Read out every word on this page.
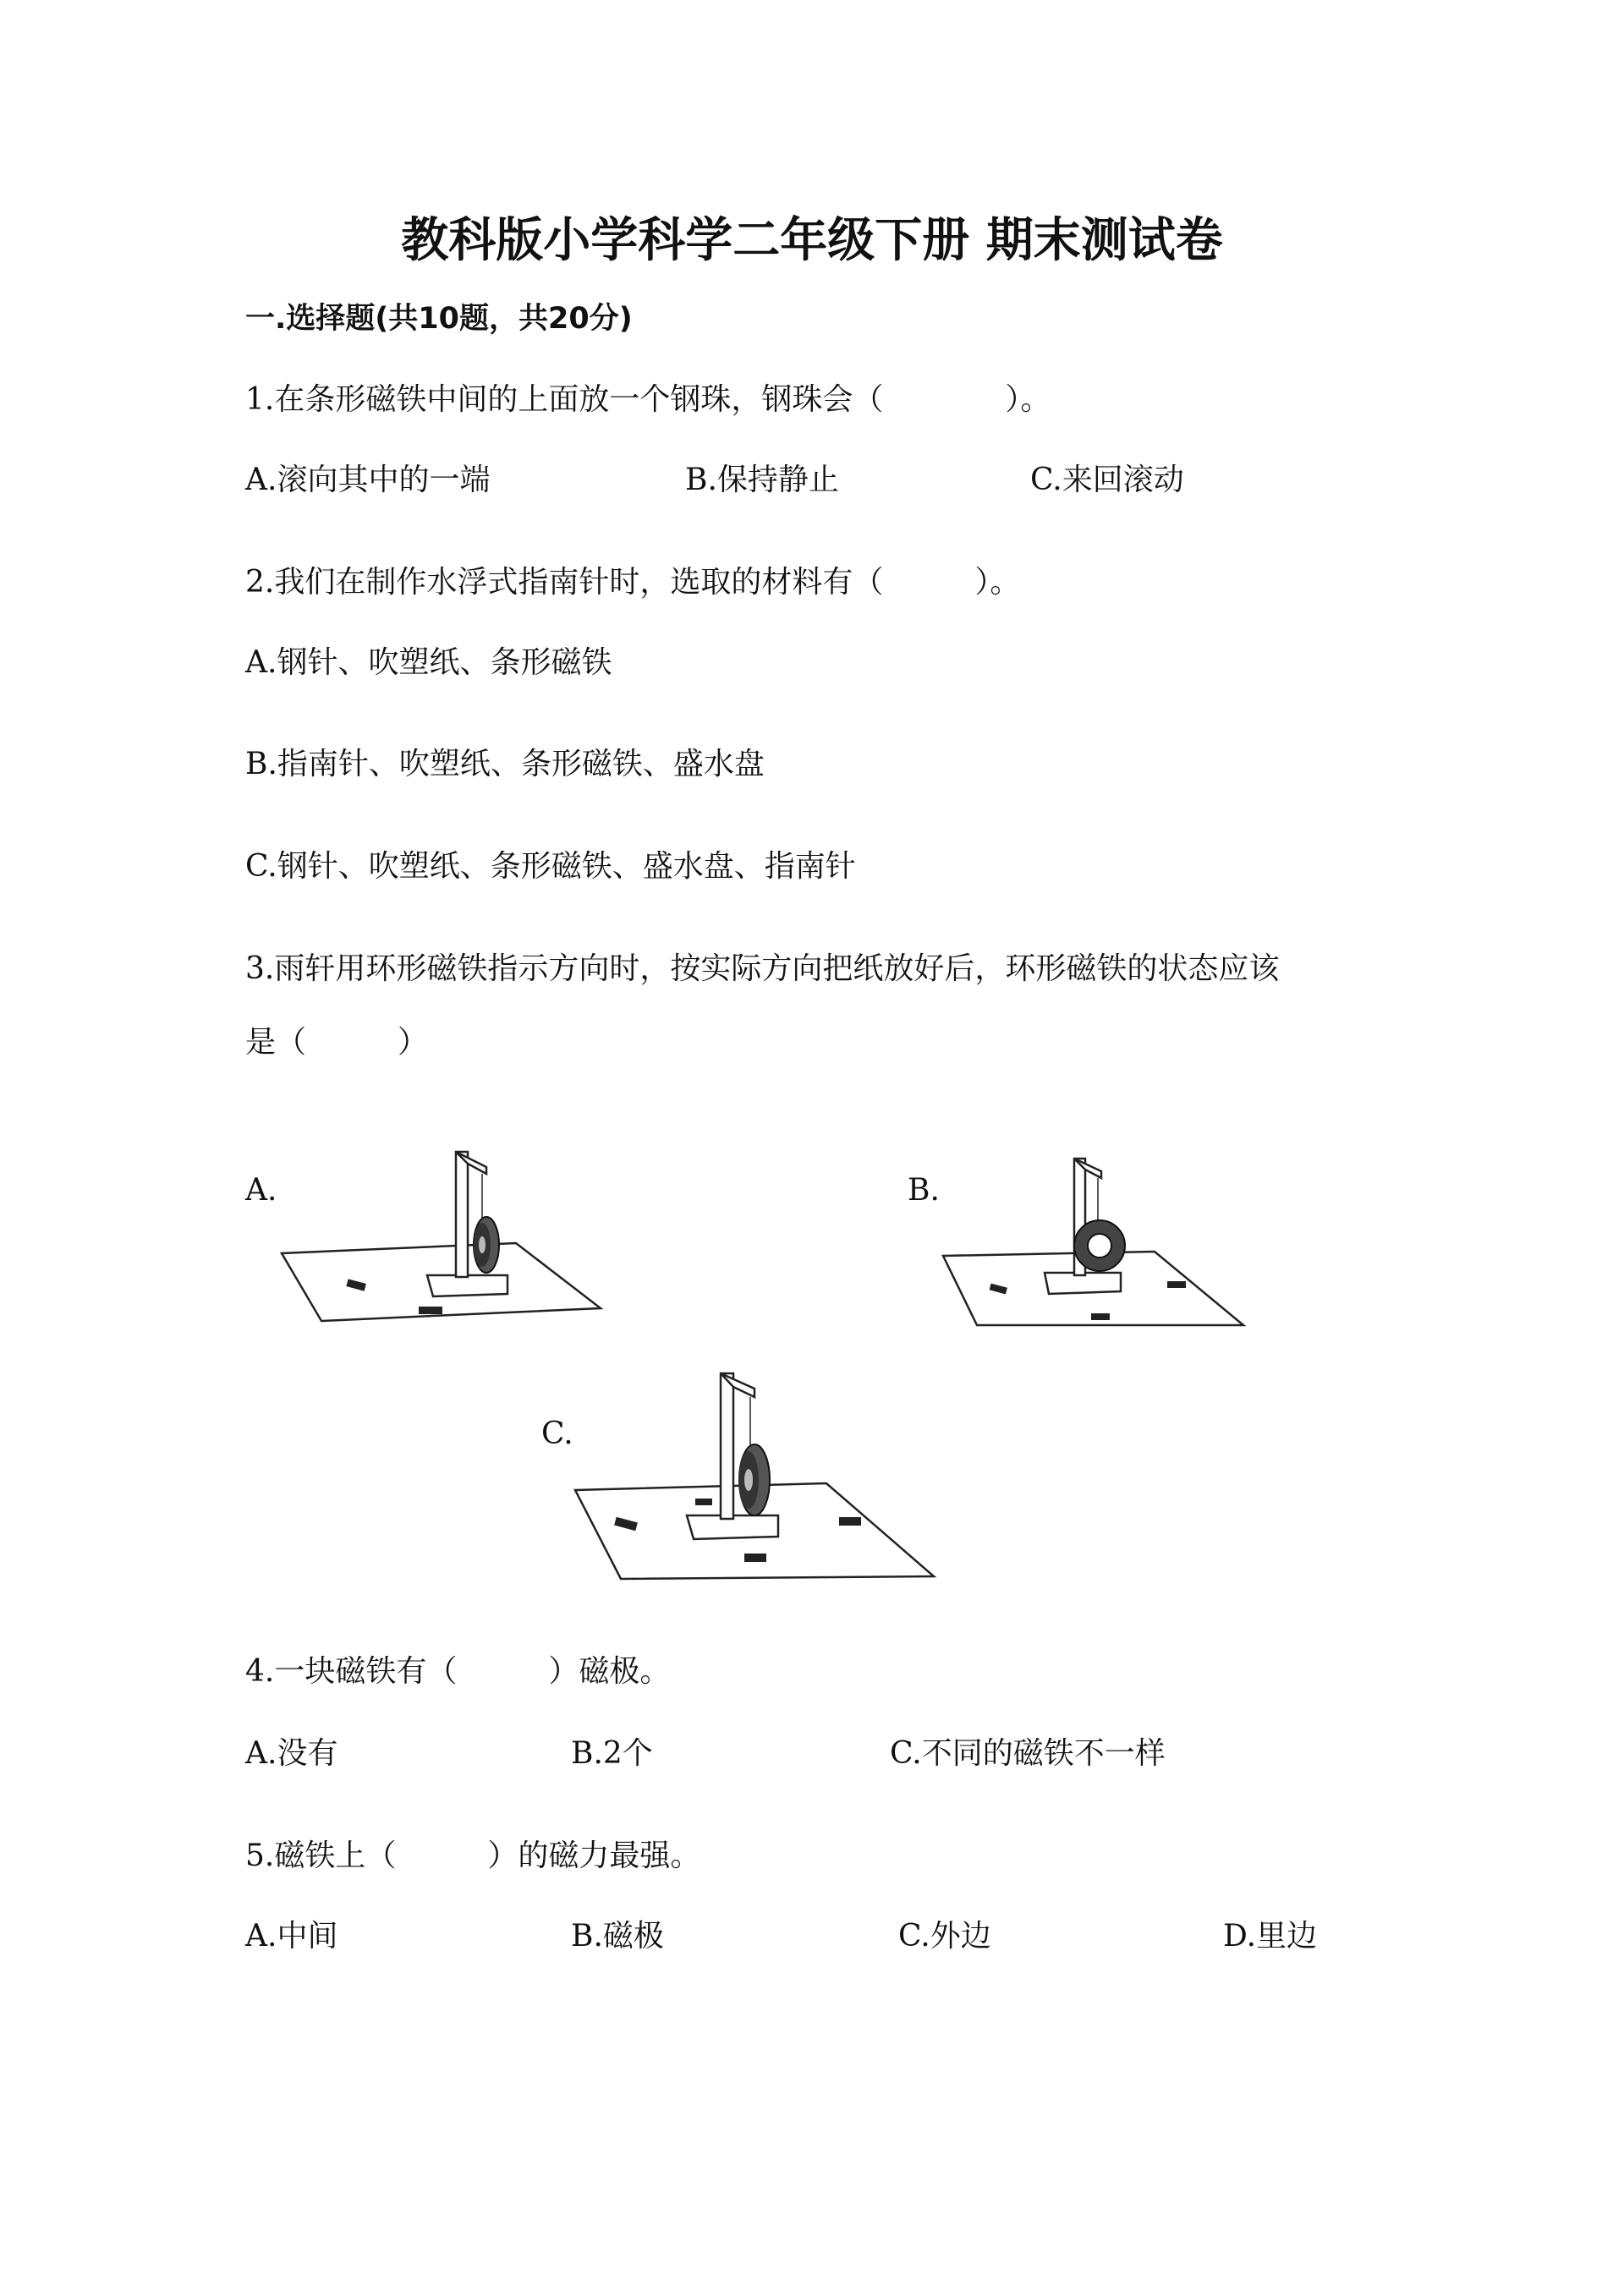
教科版小学科学二年级下册 期末测试卷
一.选择题(共10题，共20分)
1.在条形磁铁中间的上面放一个钢珠，钢珠会（　　　　）。
A.滚向其中的一端	B.保持静止	C.来回滚动
2.我们在制作水浮式指南针时，选取的材料有（　　　）。
A.钢针、吹塑纸、条形磁铁
B.指南针、吹塑纸、条形磁铁、盛水盘
C.钢针、吹塑纸、条形磁铁、盛水盘、指南针
3.雨轩用环形磁铁指示方向时，按实际方向把纸放好后，环形磁铁的状态应该
是（　　　）
A.	B.
C.
4.一块磁铁有（　　　）磁极。
A.没有	B.2个	C.不同的磁铁不一样
5.磁铁上（　　　）的磁力最强。
A.中间	B.磁极	C.外边	D.里边
